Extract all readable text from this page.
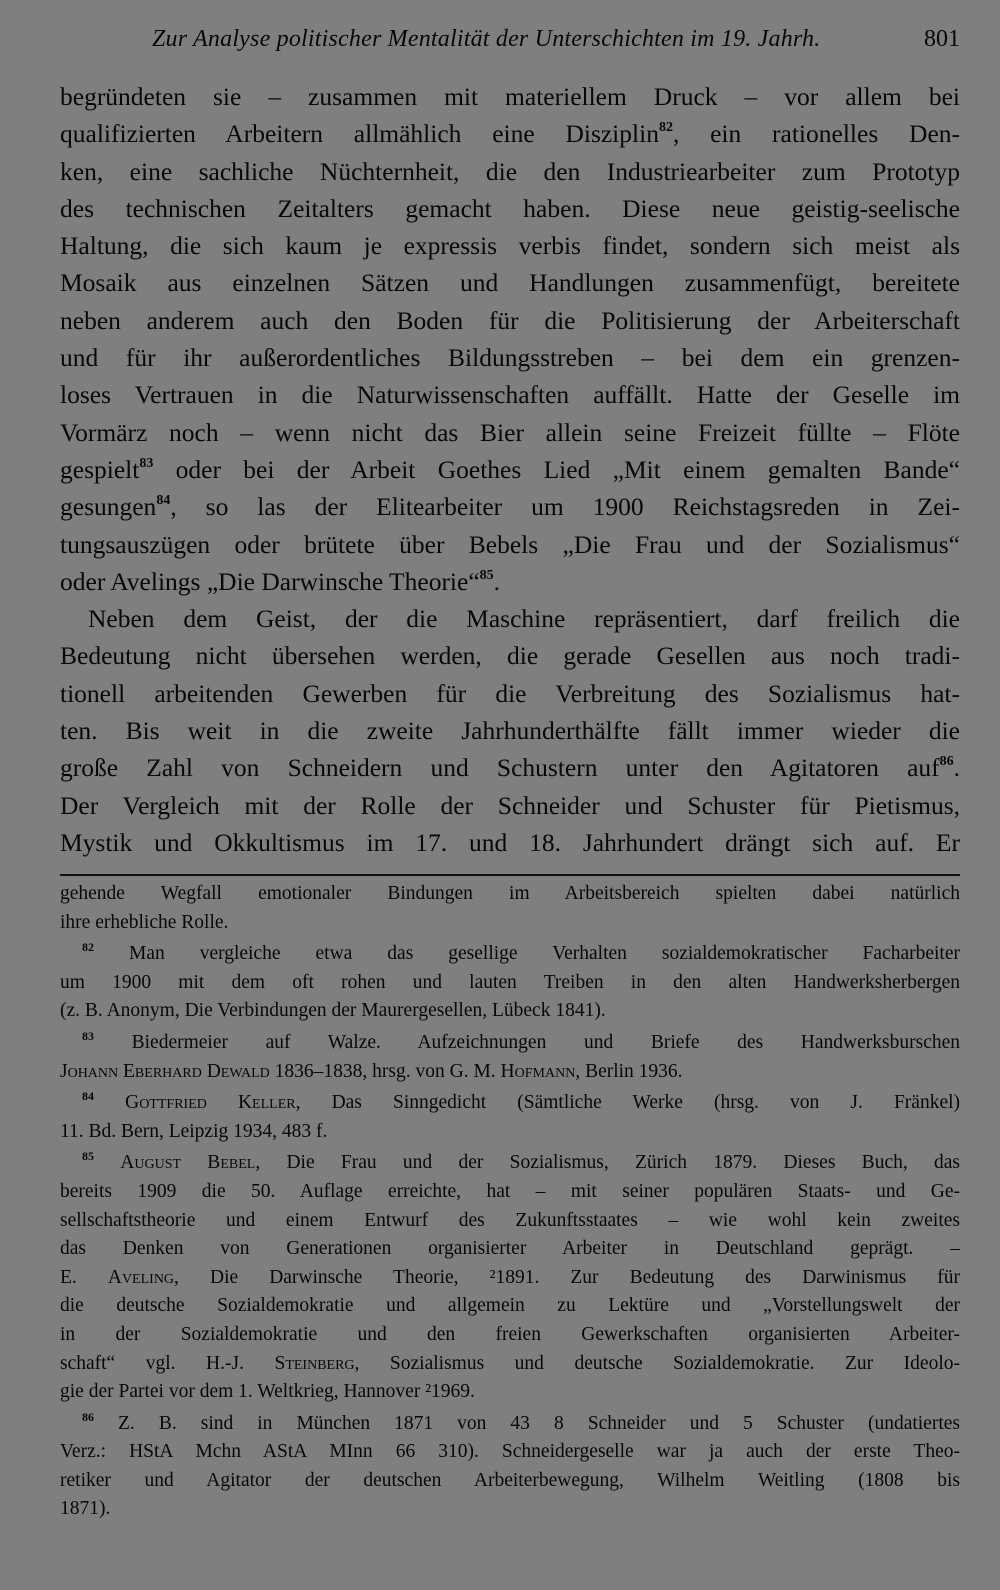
Zur Analyse politischer Mentalität der Unterschichten im 19. Jahrh.	801
begründeten sie – zusammen mit materiellem Druck – vor allem bei
qualifizierten Arbeitern allmählich eine Disziplin$^{82}$, ein rationelles Den-
ken, eine sachliche Nüchternheit, die den Industriearbeiter zum Prototyp
des technischen Zeitalters gemacht haben. Diese neue geistig-seelische
Haltung, die sich kaum je expressis verbis findet, sondern sich meist als
Mosaik aus einzelnen Sätzen und Handlungen zusammenfügt, bereitete
neben anderem auch den Boden für die Politisierung der Arbeiterschaft
und für ihr außerordentliches Bildungsstreben – bei dem ein grenzen-
loses Vertrauen in die Naturwissenschaften auffällt. Hatte der Geselle im
Vormärz noch – wenn nicht das Bier allein seine Freizeit füllte – Flöte
gespielt$^{83}$ oder bei der Arbeit Goethes Lied „Mit einem gemalten Bande“
gesungen$^{84}$, so las der Elitearbeiter um 1900 Reichstagsreden in Zei-
tungsauszügen oder brütete über Bebels „Die Frau und der Sozialismus“
oder Avelings „Die Darwinsche Theorie“$^{85}$.
Neben dem Geist, der die Maschine repräsentiert, darf freilich die
Bedeutung nicht übersehen werden, die gerade Gesellen aus noch tradi-
tionell arbeitenden Gewerben für die Verbreitung des Sozialismus hat-
ten. Bis weit in die zweite Jahrhunderthälfte fällt immer wieder die
große Zahl von Schneidern und Schustern unter den Agitatoren auf$^{86}$.
Der Vergleich mit der Rolle der Schneider und Schuster für Pietismus,
Mystik und Okkultismus im 17. und 18. Jahrhundert drängt sich auf. Er
gehende Wegfall emotionaler Bindungen im Arbeitsbereich spielten dabei natürlich
ihre erhebliche Rolle.
$^{82}$ Man vergleiche etwa das gesellige Verhalten sozialdemokratischer Facharbeiter
um 1900 mit dem oft rohen und lauten Treiben in den alten Handwerksherbergen
(z. B. Anonym, Die Verbindungen der Maurergesellen, Lübeck 1841).
$^{83}$ Biedermeier auf Walze. Aufzeichnungen und Briefe des Handwerksburschen
Johann Eberhard Dewald 1836–1838, hrsg. von G. M. Hofmann, Berlin 1936.
$^{84}$ Gottfried Keller, Das Sinngedicht (Sämtliche Werke (hrsg. von J. Fränkel)
11. Bd. Bern, Leipzig 1934, 483 f.
$^{85}$ August Bebel, Die Frau und der Sozialismus, Zürich 1879. Dieses Buch, das
bereits 1909 die 50. Auflage erreichte, hat – mit seiner populären Staats- und Ge-
sellschaftstheorie und einem Entwurf des Zukunftsstaates – wie wohl kein zweites
das Denken von Generationen organisierter Arbeiter in Deutschland geprägt. –
E. Aveling, Die Darwinsche Theorie, ²1891. Zur Bedeutung des Darwinismus für
die deutsche Sozialdemokratie und allgemein zu Lektüre und „Vorstellungswelt der
in der Sozialdemokratie und den freien Gewerkschaften organisierten Arbeiter-
schaft“ vgl. H.-J. Steinberg, Sozialismus und deutsche Sozialdemokratie. Zur Ideolo-
gie der Partei vor dem 1. Weltkrieg, Hannover ²1969.
$^{86}$ Z. B. sind in München 1871 von 43 8 Schneider und 5 Schuster (undatiertes
Verz.: HStA Mchn AStA MInn 66 310). Schneidergeselle war ja auch der erste Theo-
retiker und Agitator der deutschen Arbeiterbewegung, Wilhelm Weitling (1808 bis
1871).
